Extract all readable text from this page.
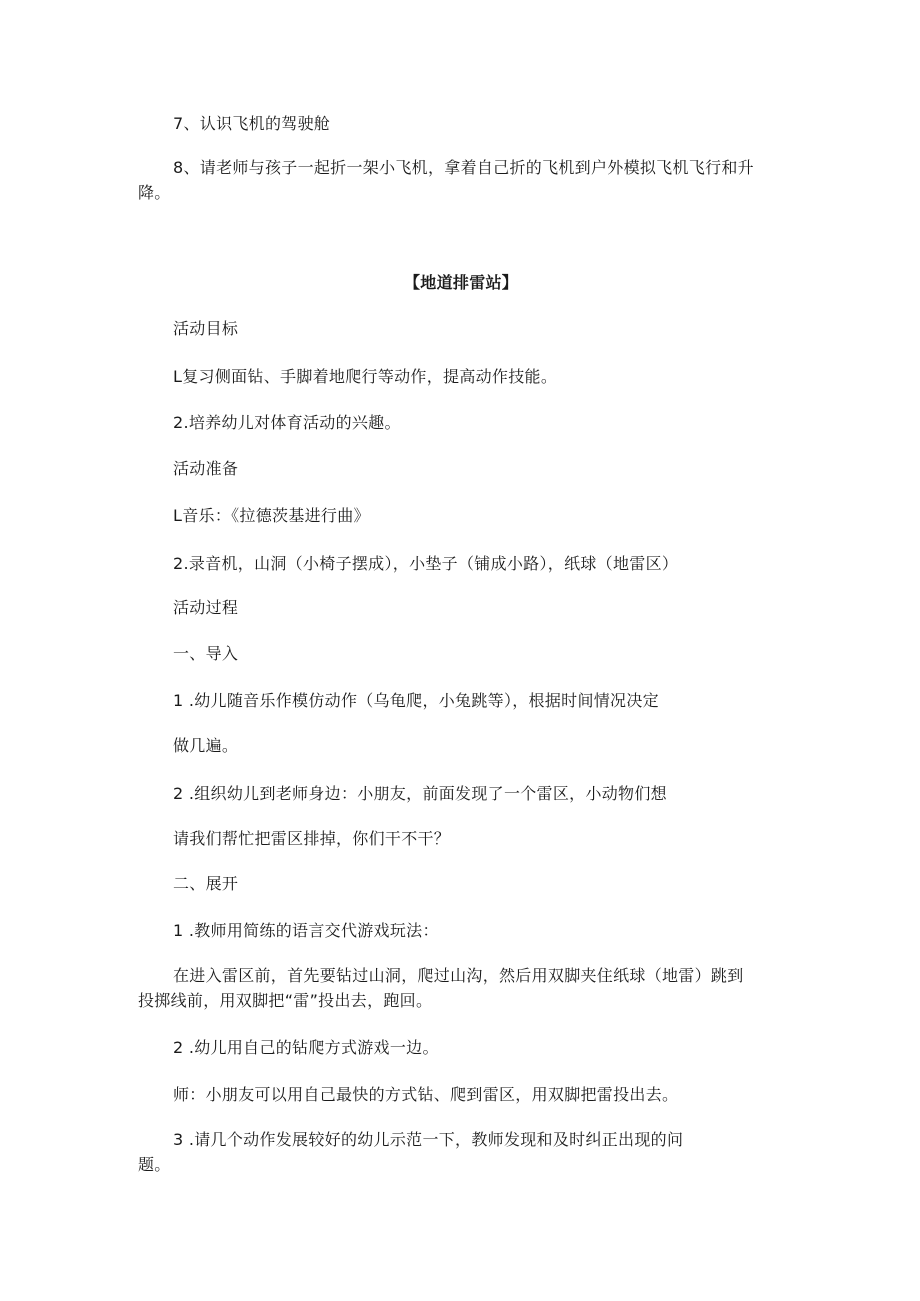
7、认识飞机的驾驶舱
8、请老师与孩子一起折一架小飞机，拿着自己折的飞机到户外模拟飞机飞行和升
降。
【地道排雷站】
活动目标
L复习侧面钻、手脚着地爬行等动作，提高动作技能。
2.培养幼儿对体育活动的兴趣。
活动准备
L音乐：《拉德茨基进行曲》
2.录音机，山洞（小椅子摆成），小垫子（铺成小路），纸球（地雷区）
活动过程
一、导入
1 .幼儿随音乐作模仿动作（乌龟爬，小兔跳等），根据时间情况决定
做几遍。
2 .组织幼儿到老师身边：小朋友，前面发现了一个雷区，小动物们想
请我们帮忙把雷区排掉，你们干不干？
二、展开
1 .教师用简练的语言交代游戏玩法：
在进入雷区前，首先要钻过山洞，爬过山沟，然后用双脚夹住纸球（地雷）跳到
投掷线前，用双脚把“雷”投出去，跑回。
2 .幼儿用自己的钻爬方式游戏一边。
师：小朋友可以用自己最快的方式钻、爬到雷区，用双脚把雷投出去。
3 .请几个动作发展较好的幼儿示范一下，教师发现和及时纠正出现的问
题。
